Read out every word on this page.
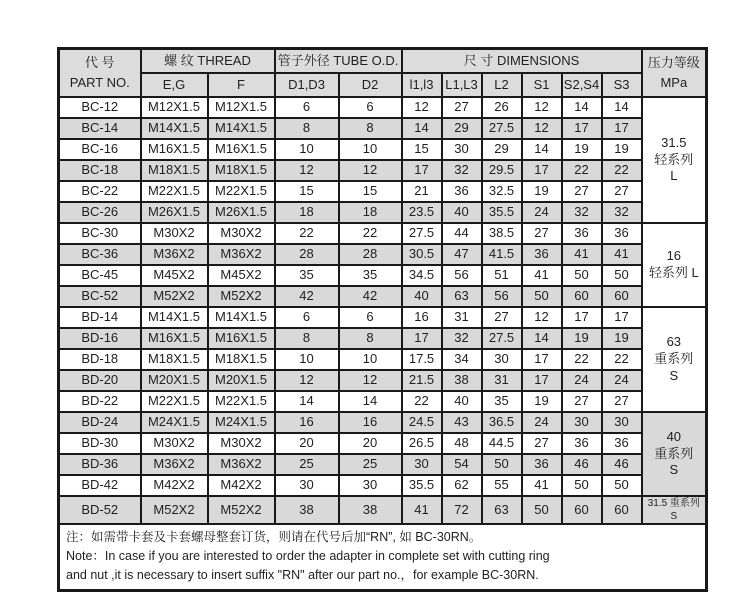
代 号
PART NO.
	螺 纹 THREAD	管子外径 TUBE O.D.	尺 寸 DIMENSIONS	压力等级
MPa

	E,G	F	D1,D3	D2	l1,l3	L1,L3	L2	S1	S2,S4	S3	
BC-12	M12X1.5	M12X1.5	6	6	12	27	26	12	14	14	31.5
轻系列
L

BC-14	M14X1.5	M14X1.5	8	8	14	29	27.5	12	17	17	
BC-16	M16X1.5	M16X1.5	10	10	15	30	29	14	19	19	
BC-18	M18X1.5	M18X1.5	12	12	17	32	29.5	17	22	22	
BC-22	M22X1.5	M22X1.5	15	15	21	36	32.5	19	27	27	
BC-26	M26X1.5	M26X1.5	18	18	23.5	40	35.5	24	32	32	
BC-30	M30X2	M30X2	22	22	27.5	44	38.5	27	36	36	16
轻系列 L

BC-36	M36X2	M36X2	28	28	30.5	47	41.5	36	41	41	
BC-45	M45X2	M45X2	35	35	34.5	56	51	41	50	50	
BC-52	M52X2	M52X2	42	42	40	63	56	50	60	60	
BD-14	M14X1.5	M14X1.5	6	6	16	31	27	12	17	17	63
重系列
S

BD-16	M16X1.5	M16X1.5	8	8	17	32	27.5	14	19	19	
BD-18	M18X1.5	M18X1.5	10	10	17.5	34	30	17	22	22	
BD-20	M20X1.5	M20X1.5	12	12	21.5	38	31	17	24	24	
BD-22	M22X1.5	M22X1.5	14	14	22	40	35	19	27	27	
BD-24	M24X1.5	M24X1.5	16	16	24.5	43	36.5	24	30	30	40
重系列
S

BD-30	M30X2	M30X2	20	20	26.5	48	44.5	27	36	36	
BD-36	M36X2	M36X2	25	25	30	54	50	36	46	46	
BD-42	M42X2	M42X2	30	30	35.5	62	55	41	50	50	
BD-52	M52X2	M52X2	38	38	41	72	63	50	60	60	31.5 重系列 S

注：如需带卡套及卡套螺母整套订货，则请在代号后加“RN”, 如 BC-30RN。
Note：In case if you are interested to order the adapter in complete set with cutting ring
and nut ,it is necessary to insert suffix "RN" after our part no.，for example BC-30RN.											
